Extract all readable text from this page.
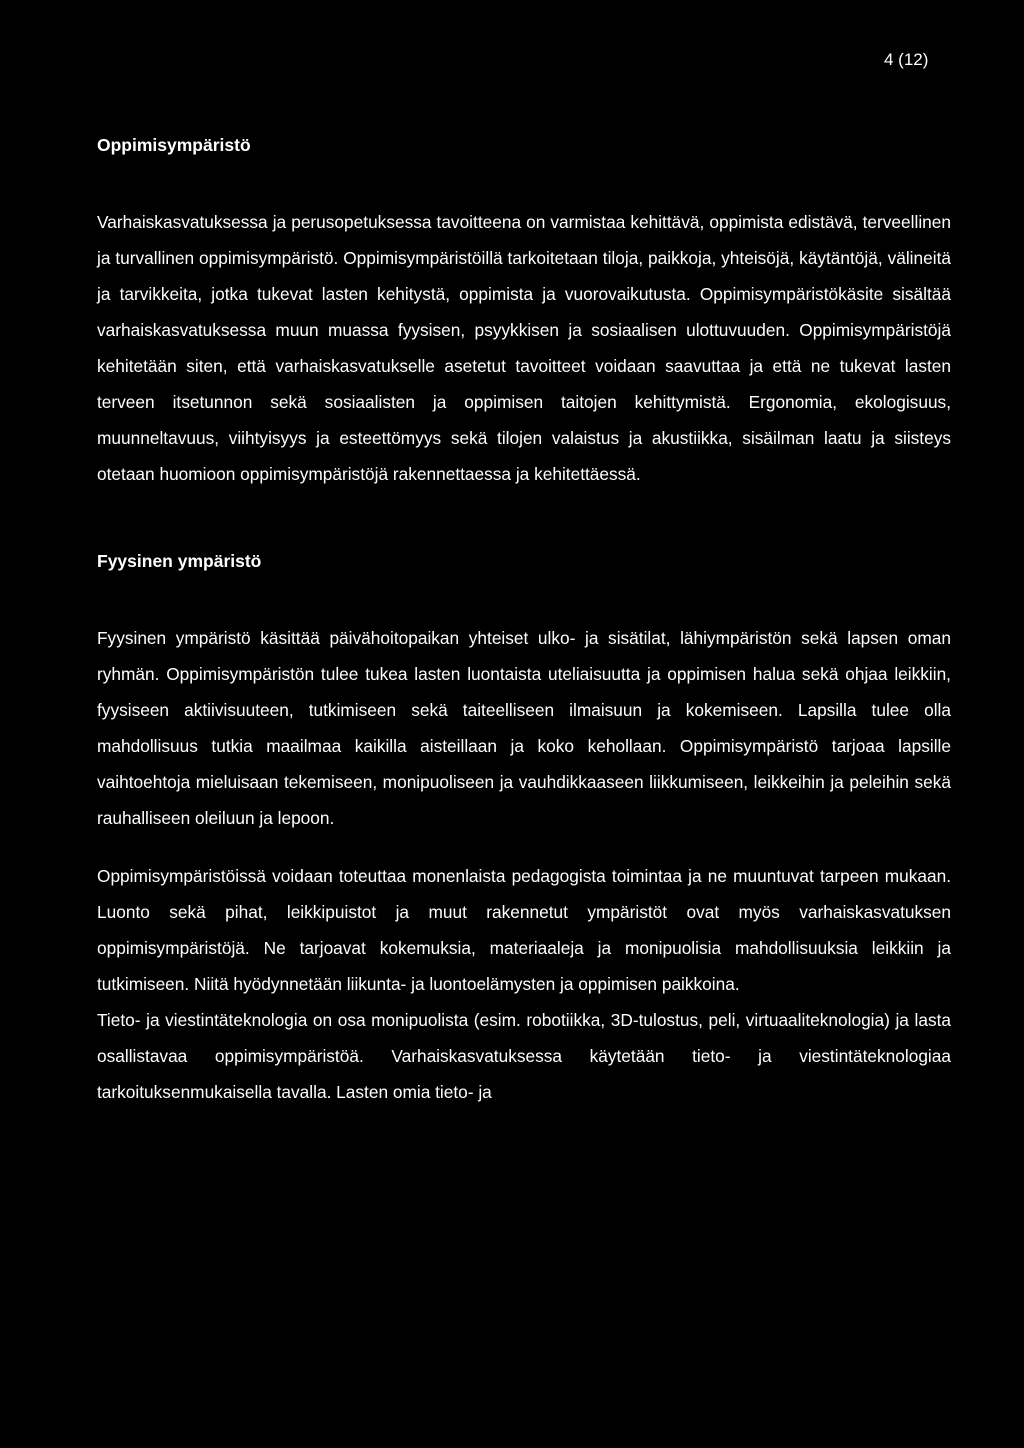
4 (12)
Oppimisympäristö

Varhaiskasvatuksessa ja perusopetuksessa tavoitteena on varmistaa kehittävä, oppimista edistävä, terveellinen ja turvallinen oppimisympäristö. Oppimisympäristöillä tarkoitetaan tiloja, paikkoja, yhteisöjä, käytäntöjä, välineitä ja tarvikkeita, jotka tukevat lasten kehitystä, oppimista ja vuorovaikutusta. Oppimisympäristökäsite sisältää varhaiskasvatuksessa muun muassa fyysisen, psyykkisen ja sosiaalisen ulottuvuuden. Oppimisympäristöjä kehitetään siten, että varhaiskasvatukselle asetetut tavoitteet voidaan saavuttaa ja että ne tukevat lasten terveen itsetunnon sekä sosiaalisten ja oppimisen taitojen kehittymistä. Ergonomia, ekologisuus, muunneltavuus, viihtyisyys ja esteettömyys sekä tilojen valaistus ja akustiikka, sisäilman laatu ja siisteys otetaan huomioon oppimisympäristöjä rakennettaessa ja kehitettäessä.

Fyysinen ympäristö

Fyysinen ympäristö käsittää päivähoitopaikan yhteiset ulko- ja sisätilat, lähiympäristön sekä lapsen oman ryhmän. Oppimisympäristön tulee tukea lasten luontaista uteliaisuutta ja oppimisen halua sekä ohjaa leikkiin, fyysiseen aktiivisuuteen, tutkimiseen sekä taiteelliseen ilmaisuun ja kokemiseen. Lapsilla tulee olla mahdollisuus tutkia maailmaa kaikilla aisteillaan ja koko kehollaan. Oppimisympäristö tarjoaa lapsille vaihtoehtoja mieluisaan tekemiseen, monipuoliseen ja vauhdikkaaseen liikkumiseen, leikkeihin ja peleihin sekä rauhalliseen oleiluun ja lepoon.

Oppimisympäristöissä voidaan toteuttaa monenlaista pedagogista toimintaa ja ne muuntuvat tarpeen mukaan. Luonto sekä pihat, leikkipuistot ja muut rakennetut ympäristöt ovat myös varhaiskasvatuksen oppimisympäristöjä. Ne tarjoavat kokemuksia, materiaaleja ja monipuolisia mahdollisuuksia leikkiin ja tutkimiseen. Niitä hyödynnetään liikunta- ja luontoelämysten ja oppimisen paikkoina.

Tieto- ja viestintäteknologia on osa monipuolista (esim. robotiikka, 3D-tulostus, peli, virtuaaliteknologia) ja lasta osallistavaa oppimisympäristöä. Varhaiskasvatuksessa käytetään tieto- ja viestintäteknologiaa tarkoituksenmukaisella tavalla. Lasten omia tieto- ja
